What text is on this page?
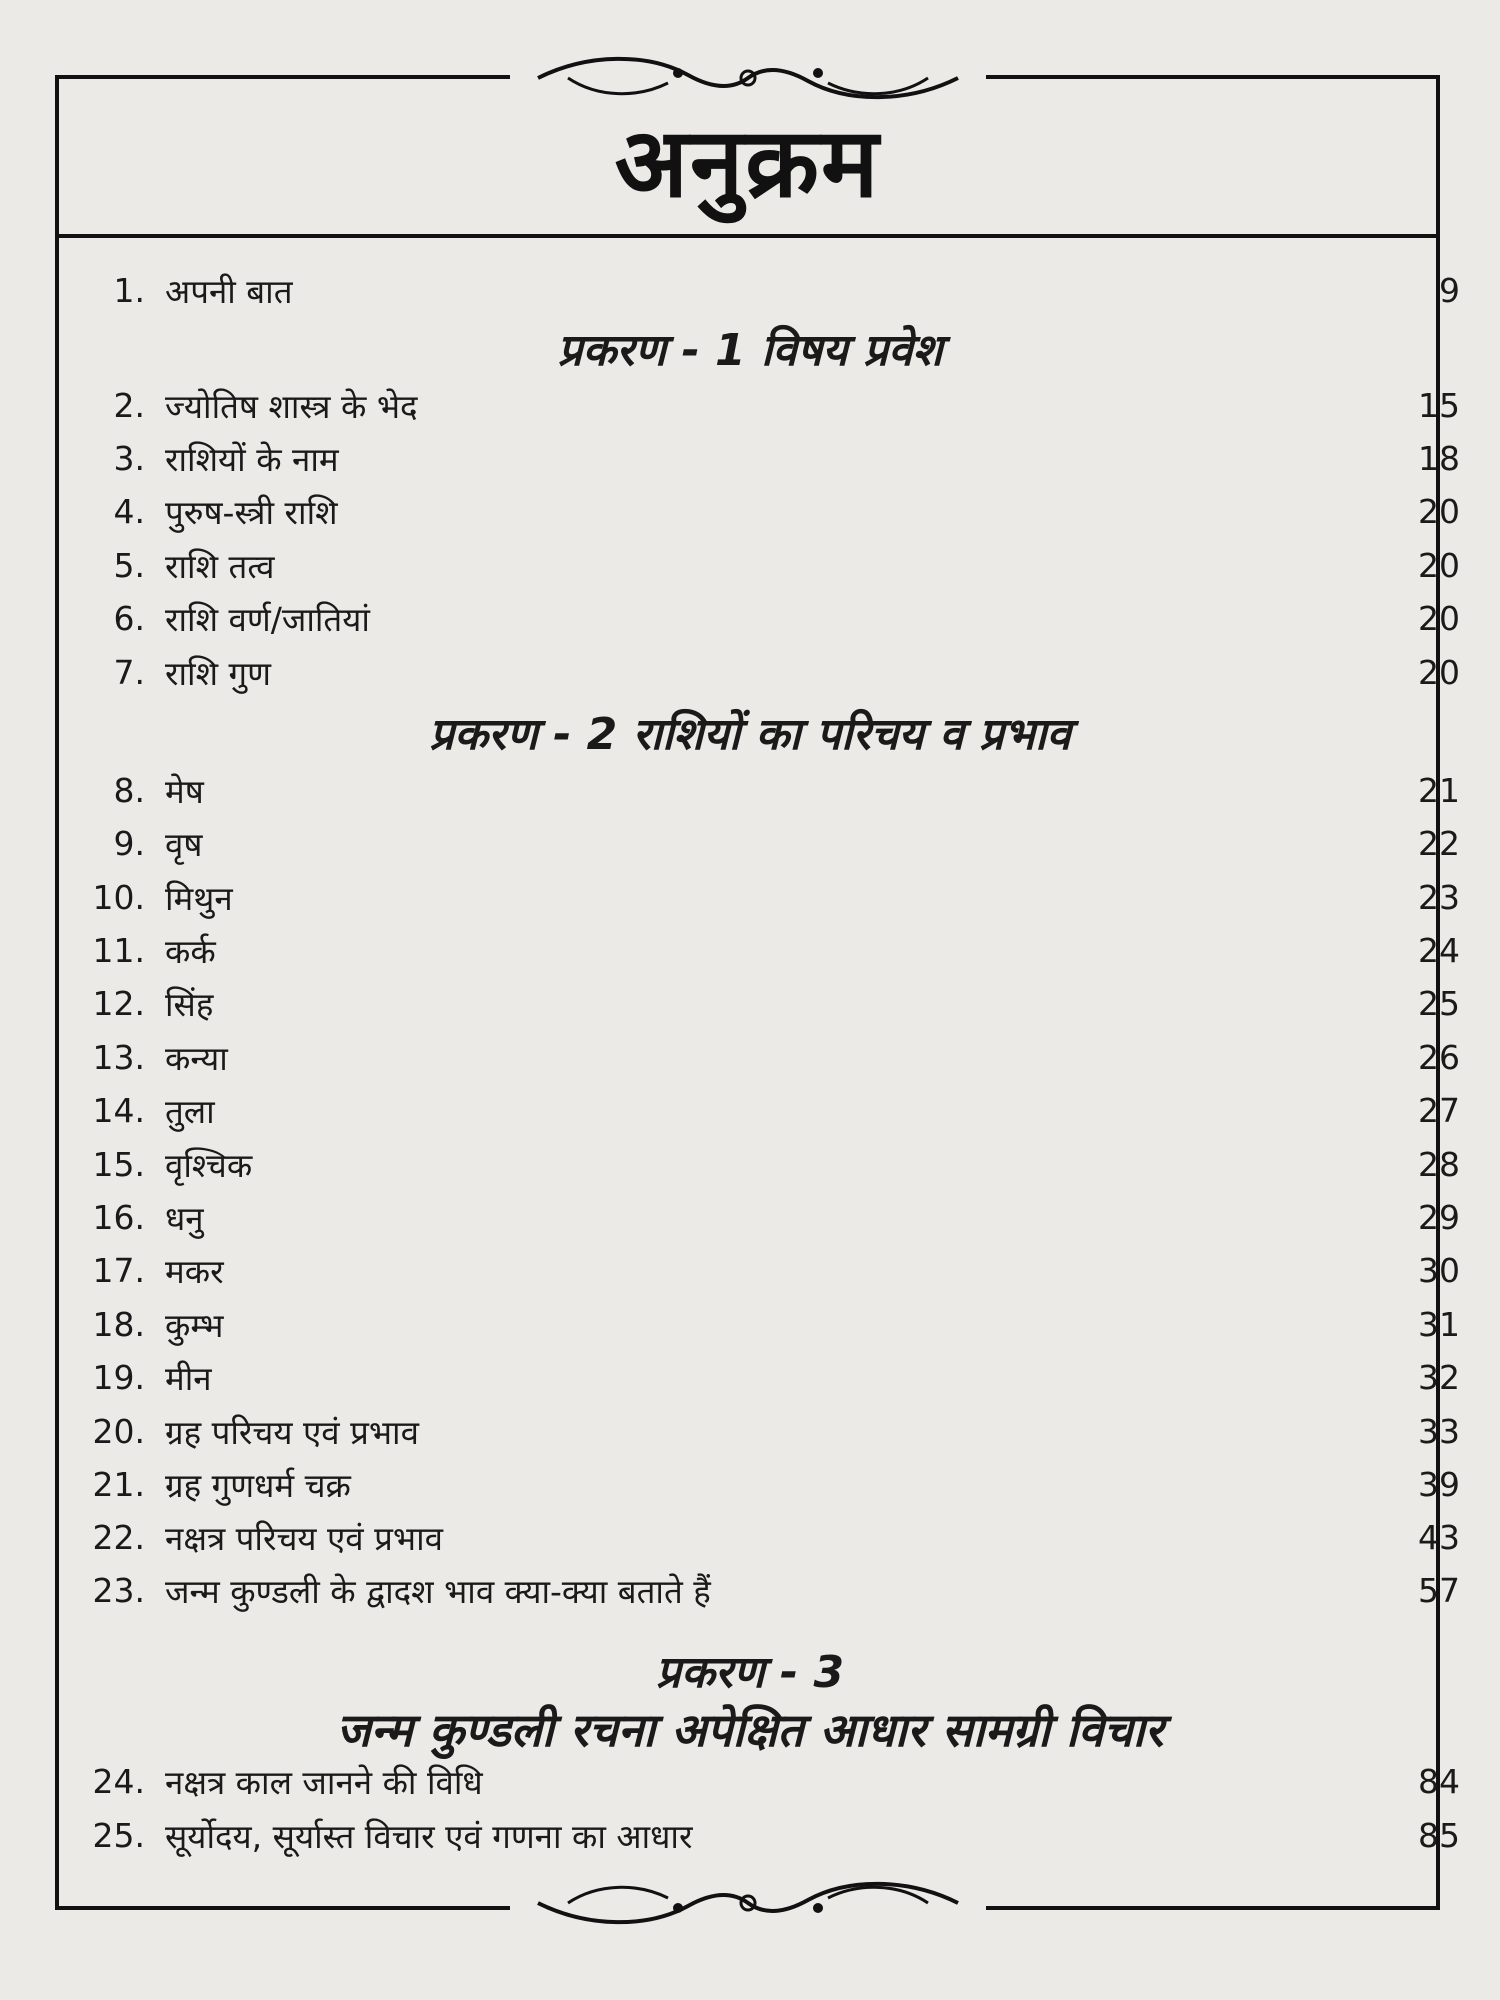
अनुक्रम
प्रकरण - 1 विषय प्रवेश
प्रकरण - 2 राशियों का परिचय व प्रभाव
प्रकरण - 3
जन्म कुण्डली रचना अपेक्षित आधार सामग्री विचार
1. अपनी बात	9
2. ज्योतिष शास्त्र के भेद	15
3. राशियों के नाम	18
4. पुरुष-स्त्री राशि	20
5. राशि तत्व	20
6. राशि वर्ण/जातियां	20
7. राशि गुण	20
8. मेष	21
9. वृष	22
10. मिथुन	23
11. कर्क	24
12. सिंह	25
13. कन्या	26
14. तुला	27
15. वृश्चिक	28
16. धनु	29
17. मकर	30
18. कुम्भ	31
19. मीन	32
20. ग्रह परिचय एवं प्रभाव	33
21. ग्रह गुणधर्म चक्र	39
22. नक्षत्र परिचय एवं प्रभाव	43
23. जन्म कुण्डली के द्वादश भाव क्या-क्या बताते हैं	57
24. नक्षत्र काल जानने की विधि	84
25. सूर्योदय, सूर्यास्त विचार एवं गणना का आधार	85
